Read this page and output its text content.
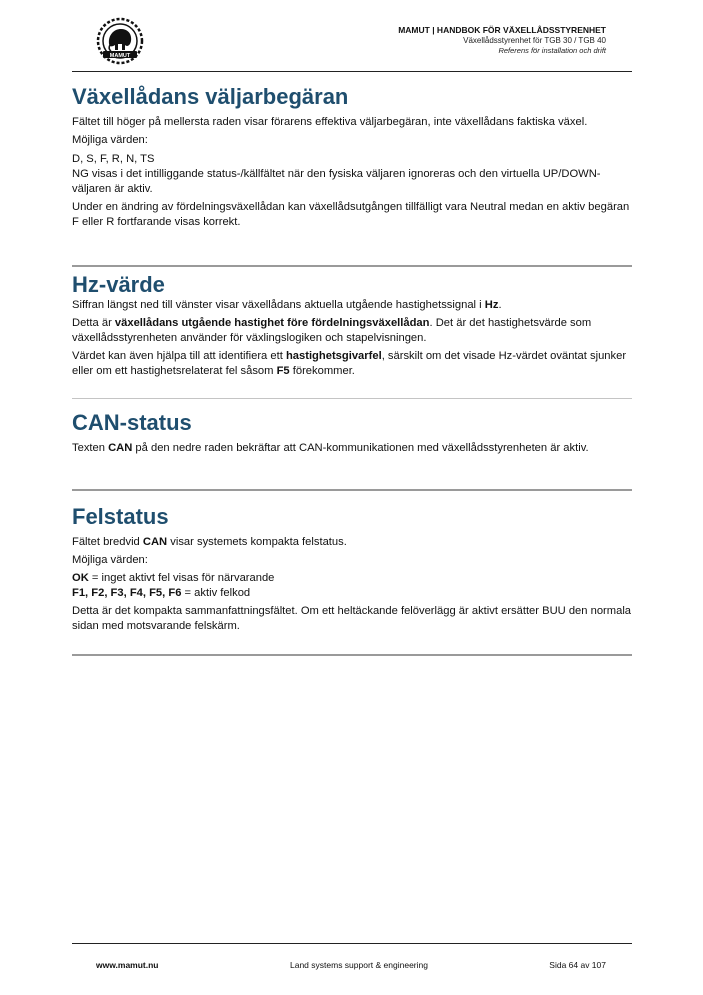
MAMUT
MAMUT | HANDBOK FÖR VÄXELLÅDSSTYRENHET
Växellådsstyrenhet för TGB 30 / TGB 40
Referens för installation och drift
Växellådans väljarbegäran

Fältet till höger på mellersta raden visar förarens effektiva väljarbegäran, inte växellådans faktiska växel.

Möjliga värden:

D, S, F, R, N, TS

NG visas i det intilliggande status-/källfältet när den fysiska väljaren ignoreras och den virtuella UP/DOWN-väljaren är aktiv.

Under en ändring av fördelningsväxellådan kan växellådsutgången tillfälligt vara Neutral medan en aktiv begäran F eller R fortfarande visas korrekt.

Hz-värde

Siffran längst ned till vänster visar växellådans aktuella utgående hastighetssignal i Hz.

Detta är växellådans utgående hastighet före fördelningsväxellådan. Det är det hastighetsvärde som växellådsstyrenheten använder för växlingslogiken och stapelvisningen.

Värdet kan även hjälpa till att identifiera ett hastighetsgivarfel, särskilt om det visade Hz-värdet oväntat sjunker eller om ett hastighetsrelaterat fel såsom F5 förekommer.

CAN-status

Texten CAN på den nedre raden bekräftar att CAN-kommunikationen med växellådsstyrenheten är aktiv.

Felstatus

Fältet bredvid CAN visar systemets kompakta felstatus.

Möjliga värden:

OK = inget aktivt fel visas för närvarande

F1, F2, F3, F4, F5, F6 = aktiv felkod

Detta är det kompakta sammanfattningsfältet. Om ett heltäckande felöverlägg är aktivt ersätter BUU den normala sidan med motsvarande felskärm.

www.mamut.nu	Land systems support & engineering	Sida 64 av 107
